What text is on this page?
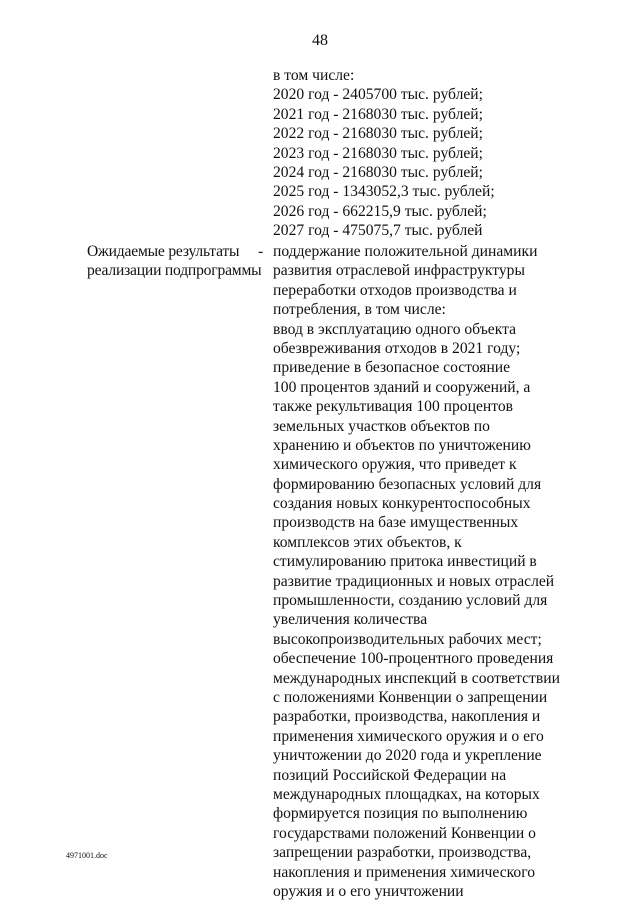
48
в том числе:
2020 год - 2405700 тыс. рублей;
2021 год - 2168030 тыс. рублей;
2022 год - 2168030 тыс. рублей;
2023 год - 2168030 тыс. рублей;
2024 год - 2168030 тыс. рублей;
2025 год - 1343052,3 тыс. рублей;
2026 год - 662215,9 тыс. рублей;
2027 год - 475075,7 тыс. рублей
Ожидаемые результаты
реализации подпрограммы
- поддержание положительной динамики
развития отраслевой инфраструктуры
переработки отходов производства и
потребления, в том числе:
ввод в эксплуатацию одного объекта
обезвреживания отходов в 2021 году;
приведение в безопасное состояние
100 процентов зданий и сооружений, а
также рекультивация 100 процентов
земельных участков объектов по
хранению и объектов по уничтожению
химического оружия, что приведет к
формированию безопасных условий для
создания новых конкурентоспособных
производств на базе имущественных
комплексов этих объектов, к
стимулированию притока инвестиций в
развитие традиционных и новых отраслей
промышленности, созданию условий для
увеличения количества
высокопроизводительных рабочих мест;
обеспечение 100-процентного проведения
международных инспекций в соответствии
с положениями Конвенции о запрещении
разработки, производства, накопления и
применения химического оружия и о его
уничтожении до 2020 года и укрепление
позиций Российской Федерации на
международных площадках, на которых
формируется позиция по выполнению
государствами положений Конвенции о
запрещении разработки, производства,
накопления и применения химического
оружия и о его уничтожении
4971001.doc
